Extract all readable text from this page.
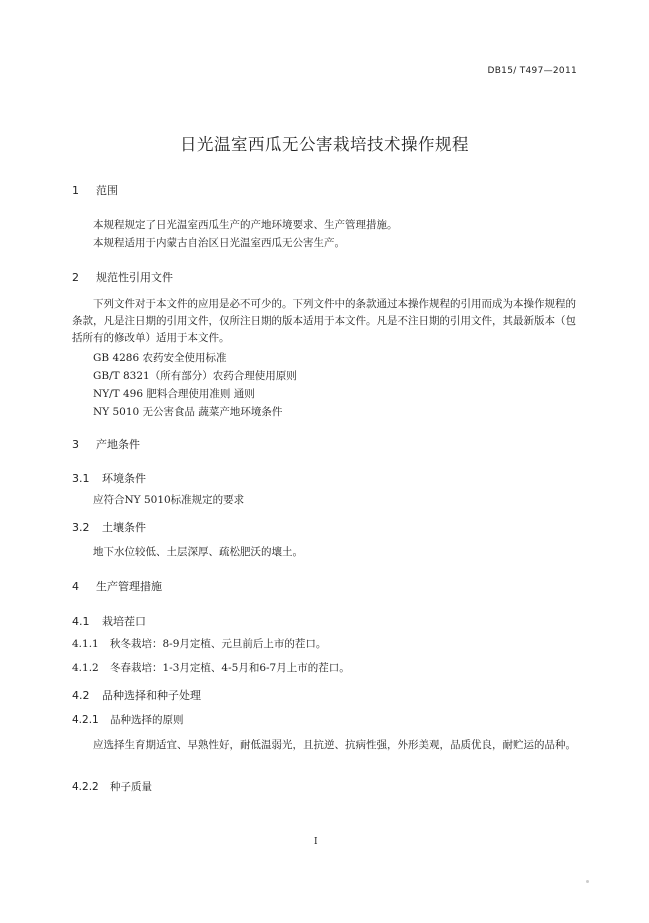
DB15/ T497—2011
日光温室西瓜无公害栽培技术操作规程
1 范围
本规程规定了日光温室西瓜生产的产地环境要求、生产管理措施。
本规程适用于内蒙古自治区日光温室西瓜无公害生产。
2 规范性引用文件
下列文件对于本文件的应用是必不可少的。下列文件中的条款通过本操作规程的引用而成为本操作规程的条款，凡是注日期的引用文件，仅所注日期的版本适用于本文件。凡是不注日期的引用文件，其最新版本（包括所有的修改单）适用于本文件。
GB 4286 农药安全使用标准
GB/T 8321（所有部分）农药合理使用原则
NY/T 496 肥料合理使用准则 通则
NY 5010 无公害食品 蔬菜产地环境条件
3 产地条件
3.1 环境条件
应符合NY 5010标准规定的要求
3.2 土壤条件
地下水位较低、土层深厚、疏松肥沃的壤土。
4 生产管理措施
4.1 栽培茬口
4.1.1 秋冬栽培：8-9月定植、元旦前后上市的茬口。
4.1.2 冬春栽培：1-3月定植、4-5月和6-7月上市的茬口。
4.2 品种选择和种子处理
4.2.1 品种选择的原则
应选择生育期适宜、早熟性好，耐低温弱光，且抗逆、抗病性强，外形美观，品质优良，耐贮运的品种。
4.2.2 种子质量
I
